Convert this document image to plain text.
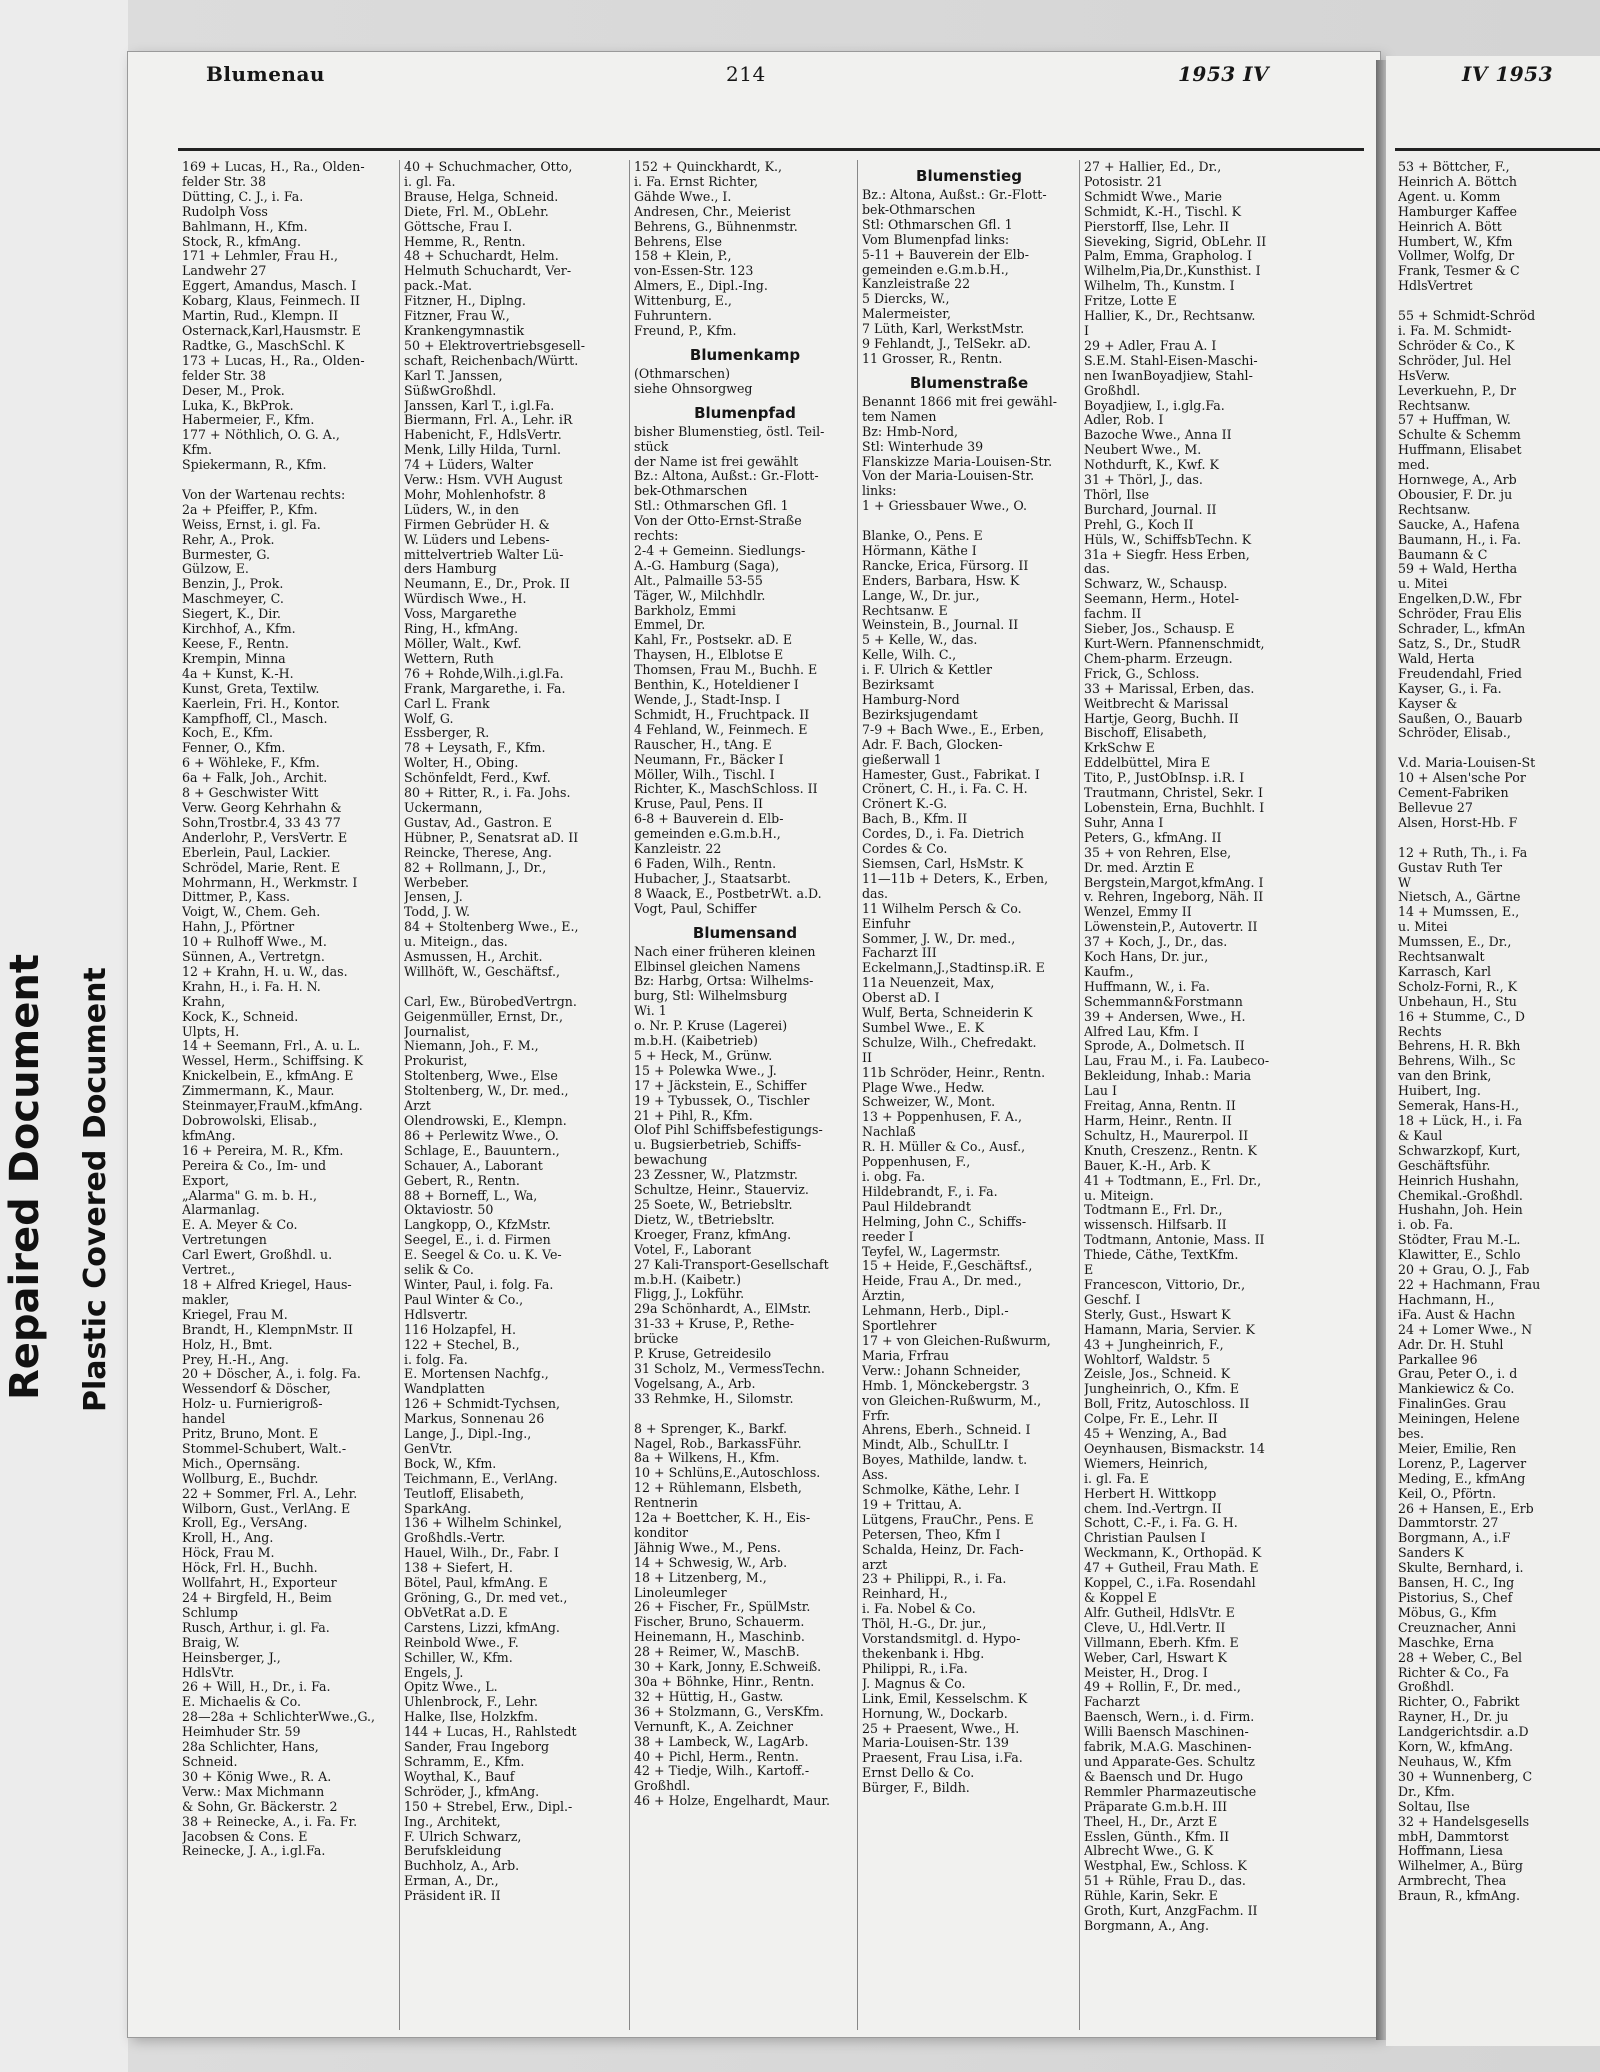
Repaired Document Plastic Covered Document
Blumenau	214	1953 IV	IV 1953
169 + Lucas, H., Ra., Olden-
felder Str. 38
Dütting, C. J., i. Fa.
Rudolph Voss
Bahlmann, H., Kfm.
Stock, R., kfmAng.
171 + Lehmler, Frau H.,
Landwehr 27
Eggert, Amandus, Masch. I
Kobarg, Klaus, Feinmech. II
Martin, Rud., Klempn. II
Osternack,Karl,Hausmstr. E
Radtke, G., MaschSchl. K
173 + Lucas, H., Ra., Olden-
felder Str. 38
Deser, M., Prok.
Luka, K., BkProk.
Habermeier, F., Kfm.
177 + Nöthlich, O. G. A.,
Kfm.
Spiekermann, R., Kfm.

Von der Wartenau rechts:
2a + Pfeiffer, P., Kfm.
Weiss, Ernst, i. gl. Fa.
Rehr, A., Prok.
Burmester, G.
Gülzow, E.
Benzin, J., Prok.
Maschmeyer, C.
Siegert, K., Dir.
Kirchhof, A., Kfm.
Keese, F., Rentn.
Krempin, Minna
4a + Kunst, K.-H.
Kunst, Greta, Textilw.
Kaerlein, Fri. H., Kontor.
Kampfhoff, Cl., Masch.
Koch, E., Kfm.
Fenner, O., Kfm.
6 + Wöhleke, F., Kfm.
6a + Falk, Joh., Archit.
8 + Geschwister Witt
Verw. Georg Kehrhahn &
Sohn,Trostbr.4, 33 43 77
Anderlohr, P., VersVertr. E
Eberlein, Paul, Lackier.
Schrödel, Marie, Rent. E
Mohrmann, H., Werkmstr. I
Dittmer, P., Kass.
Voigt, W., Chem. Geh.
Hahn, J., Pförtner
10 + Rulhoff Wwe., M.
Sünnen, A., Vertretgn.
12 + Krahn, H. u. W., das.
Krahn, H., i. Fa. H. N.
Krahn,
Kock, K., Schneid.
Ulpts, H.
14 + Seemann, Frl., A. u. L.
Wessel, Herm., Schiffsing. K
Knickelbein, E., kfmAng. E
Zimmermann, K., Maur.
Steinmayer,FrauM.,kfmAng.
Dobrowolski, Elisab.,
kfmAng.
16 + Pereira, M. R., Kfm.
Pereira & Co., Im- und
Export,
„Alarma" G. m. b. H.,
Alarmanlag.
E. A. Meyer & Co.
Vertretungen
Carl Ewert, Großhdl. u.
Vertret.,
18 + Alfred Kriegel, Haus-
makler,
Kriegel, Frau M.
Brandt, H., KlempnMstr. II
Holz, H., Bmt.
Prey, H.-H., Ang.
20 + Döscher, A., i. folg. Fa.
Wessendorf & Döscher,
Holz- u. Furnierigroß-
handel
Pritz, Bruno, Mont. E
Stommel-Schubert, Walt.-
Mich., Opernsäng.
Wollburg, E., Buchdr.
22 + Sommer, Frl. A., Lehr.
Wilborn, Gust., VerlAng. E
Kroll, Eg., VersAng.
Kroll, H., Ang.
Höck, Frau M.
Höck, Frl. H., Buchh.
Wollfahrt, H., Exporteur
24 + Birgfeld, H., Beim
Schlump
Rusch, Arthur, i. gl. Fa.
Braig, W.
Heinsberger, J.,
HdlsVtr.
26 + Will, H., Dr., i. Fa.
E. Michaelis & Co.
28—28a + SchlichterWwe.,G.,
Heimhuder Str. 59
28a Schlichter, Hans,
Schneid.
30 + König Wwe., R. A.
Verw.: Max Michmann
& Sohn, Gr. Bäckerstr. 2
38 + Reinecke, A., i. Fa. Fr.
Jacobsen & Cons. E
Reinecke, J. A., i.gl.Fa.
40 + Schuchmacher, Otto,
i. gl. Fa.
Brause, Helga, Schneid.
Diete, Frl. M., ObLehr.
Göttsche, Frau I.
Hemme, R., Rentn.
48 + Schuchardt, Helm.
Helmuth Schuchardt, Ver-
pack.-Mat.
Fitzner, H., Diplng.
Fitzner, Frau W.,
Krankengymnastik
50 + Elektrovertriebsgesell-
schaft, Reichenbach/Württ.
Karl T. Janssen,
SüßwGroßhdl.
Janssen, Karl T., i.gl.Fa.
Biermann, Frl. A., Lehr. iR
Habenicht, F., HdlsVertr.
Menk, Lilly Hilda, Turnl.
74 + Lüders, Walter
Verw.: Hsm. VVH August
Mohr, Mohlenhofstr. 8
Lüders, W., in den
Firmen Gebrüder H. &
W. Lüders und Lebens-
mittelvertrieb Walter Lü-
ders Hamburg
Neumann, E., Dr., Prok. II
Würdisch Wwe., H.
Voss, Margarethe
Ring, H., kfmAng.
Möller, Walt., Kwf.
Wettern, Ruth
76 + Rohde,Wilh.,i.gl.Fa.
Frank, Margarethe, i. Fa.
Carl L. Frank
Wolf, G.
Essberger, R.
78 + Leysath, F., Kfm.
Wolter, H., Obing.
Schönfeldt, Ferd., Kwf.
80 + Ritter, R., i. Fa. Johs.
Uckermann,
Gustav, Ad., Gastron. E
Hübner, P., Senatsrat aD. II
Reincke, Therese, Ang.
82 + Rollmann, J., Dr.,
Werbeber.
Jensen, J.
Todd, J. W.
84 + Stoltenberg Wwe., E.,
u. Miteign., das.
Asmussen, H., Archit.
Willhöft, W., Geschäftsf.,

Carl, Ew., BürobedVertrgn.
Geigenmüller, Ernst, Dr.,
Journalist,
Niemann, Joh., F. M.,
Prokurist,
Stoltenberg, Wwe., Else
Stoltenberg, W., Dr. med.,
Arzt
Olendrowski, E., Klempn.
86 + Perlewitz Wwe., O.
Schlage, E., Bauuntern.,
Schauer, A., Laborant
Gebert, R., Rentn.
88 + Borneff, L., Wa,
Oktaviostr. 50
Langkopp, O., KfzMstr.
Seegel, E., i. d. Firmen
E. Seegel & Co. u. K. Ve-
selik & Co.
Winter, Paul, i. folg. Fa.
Paul Winter & Co.,
Hdlsvertr.
116 Holzapfel, H.
122 + Stechel, B.,
i. folg. Fa.
E. Mortensen Nachfg.,
Wandplatten
126 + Schmidt-Tychsen,
Markus, Sonnenau 26
Lange, J., Dipl.-Ing.,
GenVtr.
Bock, W., Kfm.
Teichmann, E., VerlAng.
Teutloff, Elisabeth,
SparkAng.
136 + Wilhelm Schinkel,
Großhdls.-Vertr.
Hauel, Wilh., Dr., Fabr. I
138 + Siefert, H.
Bötel, Paul, kfmAng. E
Gröning, G., Dr. med vet.,
ObVetRat a.D. E
Carstens, Lizzi, kfmAng.
Reinbold Wwe., F.
Schiller, W., Kfm.
Engels, J.
Opitz Wwe., L.
Uhlenbrock, F., Lehr.
Halke, Ilse, Holzkfm.
144 + Lucas, H., Rahlstedt
Sander, Frau Ingeborg
Schramm, E., Kfm.
Woythal, K., Bauf
Schröder, J., kfmAng.
150 + Strebel, Erw., Dipl.-
Ing., Architekt,
F. Ulrich Schwarz,
Berufskleidung
Buchholz, A., Arb.
Erman, A., Dr.,
Präsident iR. II
152 + Quinckhardt, K.,
i. Fa. Ernst Richter,
Gähde Wwe., I.
Andresen, Chr., Meierist
Behrens, G., Bühnenmstr.
Behrens, Else
158 + Klein, P.,
von-Essen-Str. 123
Almers, E., Dipl.-Ing.
Wittenburg, E.,
Fuhruntern.
Freund, P., Kfm.
Blumenkamp
(Othmarschen)
siehe Ohnsorgweg
Blumenpfad
bisher Blumenstieg, östl. Teil-
stück
der Name ist frei gewählt
Bz.: Altona, Außst.: Gr.-Flott-
bek-Othmarschen
Stl.: Othmarschen Gfl. 1
Von der Otto-Ernst-Straße
rechts:
2-4 + Gemeinn. Siedlungs-
A.-G. Hamburg (Saga),
Alt., Palmaille 53-55
Täger, W., Milchhdlr.
Barkholz, Emmi
Emmel, Dr.
Kahl, Fr., Postsekr. aD. E
Thaysen, H., Elblotse E
Thomsen, Frau M., Buchh. E
Benthin, K., Hoteldiener I
Wende, J., Stadt-Insp. I
Schmidt, H., Fruchtpack. II
4 Fehland, W., Feinmech. E
Rauscher, H., tAng. E
Neumann, Fr., Bäcker I
Möller, Wilh., Tischl. I
Richter, K., MaschSchloss. II
Kruse, Paul, Pens. II
6-8 + Bauverein d. Elb-
gemeinden e.G.m.b.H.,
Kanzleistr. 22
6 Faden, Wilh., Rentn.
Hubacher, J., Staatsarbt.
8 Waack, E., PostbetrWt. a.D.
Vogt, Paul, Schiffer
Blumensand
Nach einer früheren kleinen
Elbinsel gleichen Namens
Bz: Harbg, Ortsa: Wilhelms-
burg, Stl: Wilhelmsburg
Wi. 1
o. Nr. P. Kruse (Lagerei)
m.b.H. (Kaibetrieb)
5 + Heck, M., Grünw.
15 + Polewka Wwe., J.
17 + Jäckstein, E., Schiffer
19 + Tybussek, O., Tischler
21 + Pihl, R., Kfm.
Olof Pihl Schiffsbefestigungs-
u. Bugsierbetrieb, Schiffs-
bewachung
23 Zessner, W., Platzmstr.
Schultze, Heinr., Stauerviz.
25 Soete, W., Betriebsltr.
Dietz, W., tBetriebsltr.
Kroeger, Franz, kfmAng.
Votel, F., Laborant
27 Kali-Transport-Gesellschaft
m.b.H. (Kaibetr.)
Fligg, J., Lokführ.
29a Schönhardt, A., ElMstr.
31-33 + Kruse, P., Rethe-
brücke
P. Kruse, Getreidesilo
31 Scholz, M., VermessTechn.
Vogelsang, A., Arb.
33 Rehmke, H., Silomstr.

8 + Sprenger, K., Barkf.
Nagel, Rob., BarkassFühr.
8a + Wilkens, H., Kfm.
10 + Schlüns,E.,Autoschloss.
12 + Rühlemann, Elsbeth,
Rentnerin
12a + Boettcher, K. H., Eis-
konditor
Jähnig Wwe., M., Pens.
14 + Schwesig, W., Arb.
18 + Litzenberg, M.,
Linoleumleger
26 + Fischer, Fr., SpülMstr.
Fischer, Bruno, Schauerm.
Heinemann, H., Maschinb.
28 + Reimer, W., MaschB.
30 + Kark, Jonny, E.Schweiß.
30a + Böhnke, Hinr., Rentn.
32 + Hüttig, H., Gastw.
36 + Stolzmann, G., VersKfm.
Vernunft, K., A. Zeichner
38 + Lambeck, W., LagArb.
40 + Pichl, Herm., Rentn.
42 + Tiedje, Wilh., Kartoff.-
Großhdl.
46 + Holze, Engelhardt, Maur.
Blumenstieg
Bz.: Altona, Außst.: Gr.-Flott-
bek-Othmarschen
Stl: Othmarschen Gfl. 1
Vom Blumenpfad links:
5-11 + Bauverein der Elb-
gemeinden e.G.m.b.H.,
Kanzleistraße 22
5 Diercks, W.,
Malermeister,
7 Lüth, Karl, WerkstMstr.
9 Fehlandt, J., TelSekr. aD.
11 Grosser, R., Rentn.
Blumenstraße
Benannt 1866 mit frei gewähl-
tem Namen
Bz: Hmb-Nord,
Stl: Winterhude 39
Flanskizze Maria-Louisen-Str.
Von der Maria-Louisen-Str.
links:
1 + Griessbauer Wwe., O.

Blanke, O., Pens. E
Hörmann, Käthe I
Rancke, Erica, Fürsorg. II
Enders, Barbara, Hsw. K
Lange, W., Dr. jur.,
Rechtsanw. E
Weinstein, B., Journal. II
5 + Kelle, W., das.
Kelle, Wilh. C.,
i. F. Ulrich & Kettler
Bezirksamt
Hamburg-Nord
Bezirksjugendamt
7-9 + Bach Wwe., E., Erben,
Adr. F. Bach, Glocken-
gießerwall 1
Hamester, Gust., Fabrikat. I
Crönert, C. H., i. Fa. C. H.
Crönert K.-G.
Bach, B., Kfm. II
Cordes, D., i. Fa. Dietrich
Cordes & Co.
Siemsen, Carl, HsMstr. K
11—11b + Deters, K., Erben,
das.
11 Wilhelm Persch & Co.
Einfuhr
Sommer, J. W., Dr. med.,
Facharzt III
Eckelmann,J.,Stadtinsp.iR. E
11a Neuenzeit, Max,
Oberst aD. I
Wulf, Berta, Schneiderin K
Sumbel Wwe., E. K
Schulze, Wilh., Chefredakt.
II
11b Schröder, Heinr., Rentn.
Plage Wwe., Hedw.
Schweizer, W., Mont.
13 + Poppenhusen, F. A.,
Nachlaß
R. H. Müller & Co., Ausf.,
Poppenhusen, F.,
i. obg. Fa.
Hildebrandt, F., i. Fa.
Paul Hildebrandt
Helming, John C., Schiffs-
reeder I
Teyfel, W., Lagermstr.
15 + Heide, F.,Geschäftsf.,
Heide, Frau A., Dr. med.,
Ärztin,
Lehmann, Herb., Dipl.-
Sportlehrer
17 + von Gleichen-Rußwurm,
Maria, Frfrau
Verw.: Johann Schneider,
Hmb. 1, Mönckebergstr. 3
von Gleichen-Rußwurm, M.,
Frfr.
Ahrens, Eberh., Schneid. I
Mindt, Alb., SchulLtr. I
Boyes, Mathilde, landw. t.
Ass.
Schmolke, Käthe, Lehr. I
19 + Trittau, A.
Lütgens, FrauChr., Pens. E
Petersen, Theo, Kfm I
Schalda, Heinz, Dr. Fach-
arzt
23 + Philippi, R., i. Fa.
Reinhard, H.,
i. Fa. Nobel & Co.
Thöl, H.-G., Dr. jur.,
Vorstandsmitgl. d. Hypo-
thekenbank i. Hbg.
Philippi, R., i.Fa.
J. Magnus & Co.
Link, Emil, Kesselschm. K
Hornung, W., Dockarb.
25 + Praesent, Wwe., H.
Maria-Louisen-Str. 139
Praesent, Frau Lisa, i.Fa.
Ernst Dello & Co.
Bürger, F., Bildh.
27 + Hallier, Ed., Dr.,
Potosistr. 21
Schmidt Wwe., Marie
Schmidt, K.-H., Tischl. K
Pierstorff, Ilse, Lehr. II
Sieveking, Sigrid, ObLehr. II
Palm, Emma, Grapholog. I
Wilhelm,Pia,Dr.,Kunsthist. I
Wilhelm, Th., Kunstm. I
Fritze, Lotte E
Hallier, K., Dr., Rechtsanw.
I
29 + Adler, Frau A. I
S.E.M. Stahl-Eisen-Maschi-
nen IwanBoyadjiew, Stahl-
Großhdl.
Boyadjiew, I., i.glg.Fa.
Adler, Rob. I
Bazoche Wwe., Anna II
Neubert Wwe., M.
Nothdurft, K., Kwf. K
31 + Thörl, J., das.
Thörl, Ilse
Burchard, Journal. II
Prehl, G., Koch II
Hüls, W., SchiffsbTechn. K
31a + Siegfr. Hess Erben,
das.
Schwarz, W., Schausp.
Seemann, Herm., Hotel-
fachm. II
Sieber, Jos., Schausp. E
Kurt-Wern. Pfannenschmidt,
Chem-pharm. Erzeugn.
Frick, G., Schloss.
33 + Marissal, Erben, das.
Weitbrecht & Marissal
Hartje, Georg, Buchh. II
Bischoff, Elisabeth,
KrkSchw E
Eddelbüttel, Mira E
Tito, P., JustObInsp. i.R. I
Trautmann, Christel, Sekr. I
Lobenstein, Erna, Buchhlt. I
Suhr, Anna I
Peters, G., kfmAng. II
35 + von Rehren, Else,
Dr. med. Ärztin E
Bergstein,Margot,kfmAng. I
v. Rehren, Ingeborg, Näh. II
Wenzel, Emmy II
Löwenstein,P., Autovertr. II
37 + Koch, J., Dr., das.
Koch Hans, Dr. jur.,
Kaufm.,
Huffmann, W., i. Fa.
Schemmann&Forstmann
39 + Andersen, Wwe., H.
Alfred Lau, Kfm. I
Sprode, A., Dolmetsch. II
Lau, Frau M., i. Fa. Laubeco-
Bekleidung, Inhab.: Maria
Lau I
Freitag, Anna, Rentn. II
Harm, Heinr., Rentn. II
Schultz, H., Maurerpol. II
Knuth, Creszenz., Rentn. K
Bauer, K.-H., Arb. K
41 + Todtmann, E., Frl. Dr.,
u. Miteign.
Todtmann E., Frl. Dr.,
wissensch. Hilfsarb. II
Todtmann, Antonie, Mass. II
Thiede, Cäthe, TextKfm.
E
Francescon, Vittorio, Dr.,
Geschf. I
Sterly, Gust., Hswart K
Hamann, Maria, Servier. K
43 + Jungheinrich, F.,
Wohltorf, Waldstr. 5
Zeisle, Jos., Schneid. K
Jungheinrich, O., Kfm. E
Boll, Fritz, Autoschloss. II
Colpe, Fr. E., Lehr. II
45 + Wenzing, A., Bad
Oeynhausen, Bismackstr. 14
Wiemers, Heinrich,
i. gl. Fa. E
Herbert H. Wittkopp
chem. Ind.-Vertrgn. II
Schott, C.-F., i. Fa. G. H.
Christian Paulsen I
Weckmann, K., Orthopäd. K
47 + Gutheil, Frau Math. E
Koppel, C., i.Fa. Rosendahl
& Koppel E
Alfr. Gutheil, HdlsVtr. E
Cleve, U., Hdl.Vertr. II
Villmann, Eberh. Kfm. E
Weber, Carl, Hswart K
Meister, H., Drog. I
49 + Rollin, F., Dr. med.,
Facharzt
Baensch, Wern., i. d. Firm.
Willi Baensch Maschinen-
fabrik, M.A.G. Maschinen-
und Apparate-Ges. Schultz
& Baensch und Dr. Hugo
Remmler Pharmazeutische
Präparate G.m.b.H. III
Theel, H., Dr., Arzt E
Esslen, Günth., Kfm. II
Albrecht Wwe., G. K
Westphal, Ew., Schloss. K
51 + Rühle, Frau D., das.
Rühle, Karin, Sekr. E
Groth, Kurt, AnzgFachm. II
Borgmann, A., Ang.
53 + Böttcher, F.,
Heinrich A. Böttch
Agent. u. Komm
Hamburger Kaffee
Heinrich A. Bött
Humbert, W., Kfm
Vollmer, Wolfg, Dr
Frank, Tesmer & C
HdlsVertret

55 + Schmidt-Schröd
i. Fa. M. Schmidt-
Schröder & Co., K
Schröder, Jul. Hel
HsVerw.
Leverkuehn, P., Dr
Rechtsanw.
57 + Huffman, W.
Schulte & Schemm
Huffmann, Elisabet
med.
Hornwege, A., Arb
Obousier, F. Dr. ju
Rechtsanw.
Saucke, A., Hafena
Baumann, H., i. Fa.
Baumann & C
59 + Wald, Hertha
u. Mitei
Engelken,D.W., Fbr
Schröder, Frau Elis
Schrader, L., kfmAn
Satz, S., Dr., StudR
Wald, Herta
Freudendahl, Fried
Kayser, G., i. Fa.
Kayser &
Saußen, O., Bauarb
Schröder, Elisab.,

V.d. Maria-Louisen-St
10 + Alsen'sche Por
Cement-Fabriken
Bellevue 27
Alsen, Horst-Hb. F

12 + Ruth, Th., i. Fa
Gustav Ruth Ter
W
Nietsch, A., Gärtne
14 + Mumssen, E.,
u. Mitei
Mumssen, E., Dr.,
Rechtsanwalt
Karrasch, Karl
Scholz-Forni, R., K
Unbehaun, H., Stu
16 + Stumme, C., D
Rechts
Behrens, H. R. Bkh
Behrens, Wilh., Sc
van den Brink,
Huibert, Ing.
Semerak, Hans-H.,
18 + Lück, H., i. Fa
& Kaul
Schwarzkopf, Kurt,
Geschäftsführ.
Heinrich Hushahn,
Chemikal.-Großhdl.
Hushahn, Joh. Hein
i. ob. Fa.
Stödter, Frau M.-L.
Klawitter, E., Schlo
20 + Grau, O. J., Fab
22 + Hachmann, Frau
Hachmann, H.,
iFa. Aust & Hachn
24 + Lomer Wwe., N
Adr. Dr. H. Stuhl
Parkallee 96
Grau, Peter O., i. d
Mankiewicz & Co.
FinalinGes. Grau
Meiningen, Helene
bes.
Meier, Emilie, Ren
Lorenz, P., Lagerver
Meding, E., kfmAng
Keil, O., Pförtn.
26 + Hansen, E., Erb
Dammtorstr. 27
Borgmann, A., i.F
Sanders K
Skulte, Bernhard, i.
Bansen, H. C., Ing
Pistorius, S., Chef
Möbus, G., Kfm
Creuznacher, Anni
Maschke, Erna
28 + Weber, C., Bel
Richter & Co., Fa
Großhdl.
Richter, O., Fabrikt
Rayner, H., Dr. ju
Landgerichtsdir. a.D
Korn, W., kfmAng.
Neuhaus, W., Kfm
30 + Wunnenberg, C
Dr., Kfm.
Soltau, Ilse
32 + Handelsgesells
mbH, Dammtorst
Hoffmann, Liesa
Wilhelmer, A., Bürg
Armbrecht, Thea
Braun, R., kfmAng.
